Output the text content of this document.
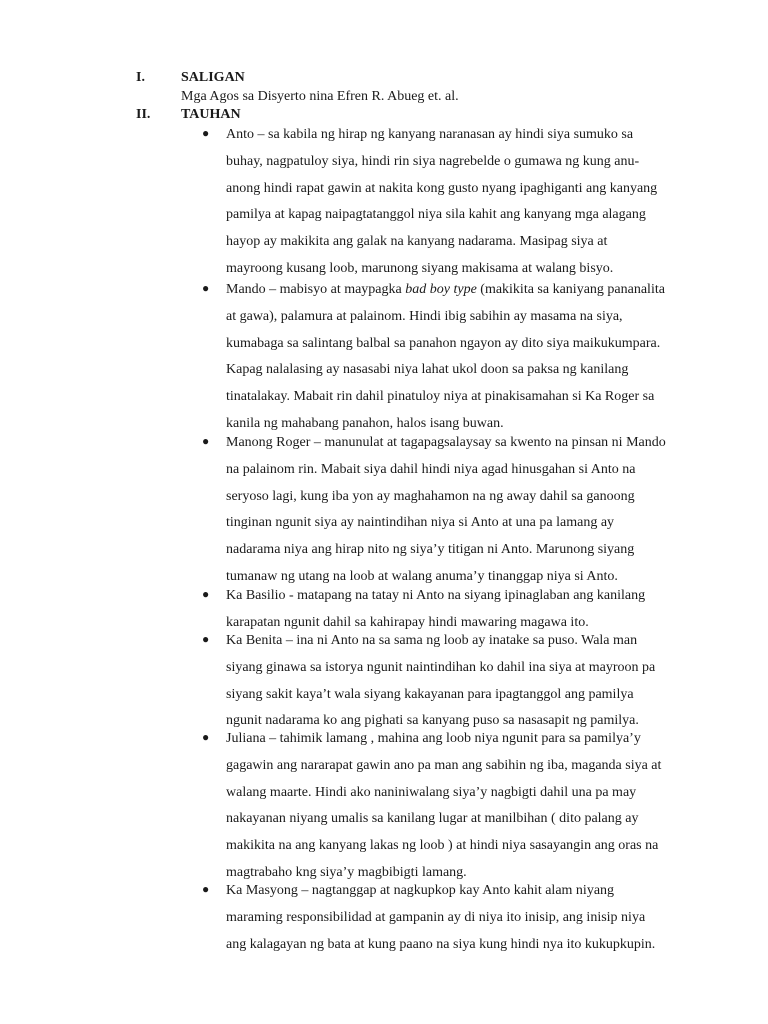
I.	SALIGAN
Mga Agos sa Disyerto nina Efren R. Abueg et. al.
II. TAUHAN
● Anto – sa kabila ng hirap ng kanyang naranasan ay hindi siya sumuko sa
buhay, nagpatuloy siya, hindi rin siya nagrebelde o gumawa ng kung anu-
anong hindi rapat gawin at nakita kong gusto nyang ipaghiganti ang kanyang
pamilya at kapag naipagtatanggol niya sila kahit ang kanyang mga alagang
hayop ay makikita ang galak na kanyang nadarama. Masipag siya at
mayroong kusang loob, marunong siyang makisama at walang bisyo.
● Mando – mabisyo at maypagka bad boy type (makikita sa kaniyang pananalita
at gawa), palamura at palainom. Hindi ibig sabihin ay masama na siya,
kumabaga sa salintang balbal sa panahon ngayon ay dito siya maikukumpara.
Kapag nalalasing ay nasasabi niya lahat ukol doon sa paksa ng kanilang
tinatalakay. Mabait rin dahil pinatuloy niya at pinakisamahan si Ka Roger sa
kanila ng mahabang panahon, halos isang buwan.
● Manong Roger – manunulat at tagapagsalaysay sa kwento na pinsan ni Mando
na palainom rin. Mabait siya dahil hindi niya agad hinusgahan si Anto na
seryoso lagi, kung iba yon ay maghahamon na ng away dahil sa ganoong
tinginan ngunit siya ay naintindihan niya si Anto at una pa lamang ay
nadarama niya ang hirap nito ng siya’y titigan ni Anto. Marunong siyang
tumanaw ng utang na loob at walang anuma’y tinanggap niya si Anto.
● Ka Basilio - matapang na tatay ni Anto na siyang ipinaglaban ang kanilang
karapatan ngunit dahil sa kahirapay hindi mawaring magawa ito.
● Ka Benita – ina ni Anto na sa sama ng loob ay inatake sa puso. Wala man
siyang ginawa sa istorya ngunit naintindihan ko dahil ina siya at mayroon pa
siyang sakit kaya’t wala siyang kakayanan para ipagtanggol ang pamilya
ngunit nadarama ko ang pighati sa kanyang puso sa nasasapit ng pamilya.
● Juliana – tahimik lamang , mahina ang loob niya ngunit para sa pamilya’y
gagawin ang nararapat gawin ano pa man ang sabihin ng iba, maganda siya at
walang maarte. Hindi ako naniniwalang siya’y nagbigti dahil una pa may
nakayanan niyang umalis sa kanilang lugar at manilbihan ( dito palang ay
makikita na ang kanyang lakas ng loob ) at hindi niya sasayangin ang oras na
magtrabaho kng siya’y magbibigti lamang.
● Ka Masyong – nagtanggap at nagkupkop kay Anto kahit alam niyang
maraming responsibilidad at gampanin ay di niya ito inisip, ang inisip niya
ang kalagayan ng bata at kung paano na siya kung hindi nya ito kukupkupin.
